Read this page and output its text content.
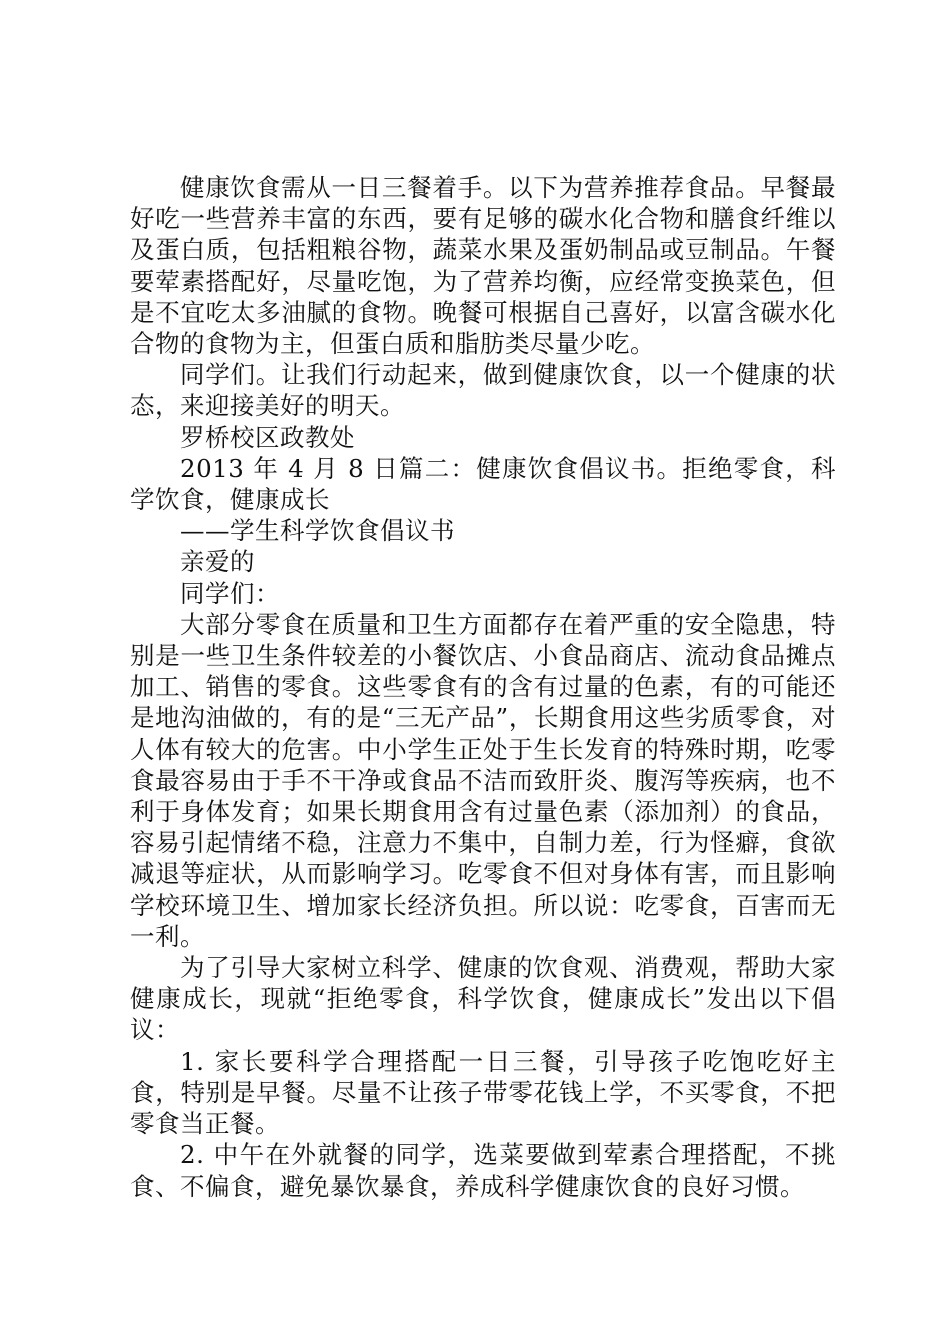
健康饮食需从一日三餐着手。以下为营养推荐食品。早餐最好吃一些营养丰富的东西，要有足够的碳水化合物和膳食纤维以及蛋白质，包括粗粮谷物，蔬菜水果及蛋奶制品或豆制品。午餐要荤素搭配好，尽量吃饱，为了营养均衡，应经常变换菜色，但是不宜吃太多油腻的食物。晚餐可根据自己喜好，以富含碳水化合物的食物为主，但蛋白质和脂肪类尽量少吃。

同学们。让我们行动起来，做到健康饮食，以一个健康的状态，来迎接美好的明天。

罗桥校区政教处

2013 年 4 月 8 日篇二：健康饮食倡议书。拒绝零食，科学饮食，健康成长

——学生科学饮食倡议书

亲爱的

同学们：

大部分零食在质量和卫生方面都存在着严重的安全隐患，特别是一些卫生条件较差的小餐饮店、小食品商店、流动食品摊点加工、销售的零食。这些零食有的含有过量的色素，有的可能还是地沟油做的，有的是“三无产品”，长期食用这些劣质零食，对人体有较大的危害。中小学生正处于生长发育的特殊时期，吃零食最容易由于手不干净或食品不洁而致肝炎、腹泻等疾病，也不利于身体发育；如果长期食用含有过量色素（添加剂）的食品，容易引起情绪不稳，注意力不集中，自制力差，行为怪癖，食欲减退等症状，从而影响学习。吃零食不但对身体有害，而且影响学校环境卫生、增加家长经济负担。所以说：吃零食，百害而无一利。

为了引导大家树立科学、健康的饮食观、消费观，帮助大家健康成长，现就“拒绝零食，科学饮食，健康成长”发出以下倡议：

1. 家长要科学合理搭配一日三餐，引导孩子吃饱吃好主食，特别是早餐。尽量不让孩子带零花钱上学，不买零食，不把零食当正餐。

2. 中午在外就餐的同学，选菜要做到荤素合理搭配，不挑食、不偏食，避免暴饮暴食，养成科学健康饮食的良好习惯。
